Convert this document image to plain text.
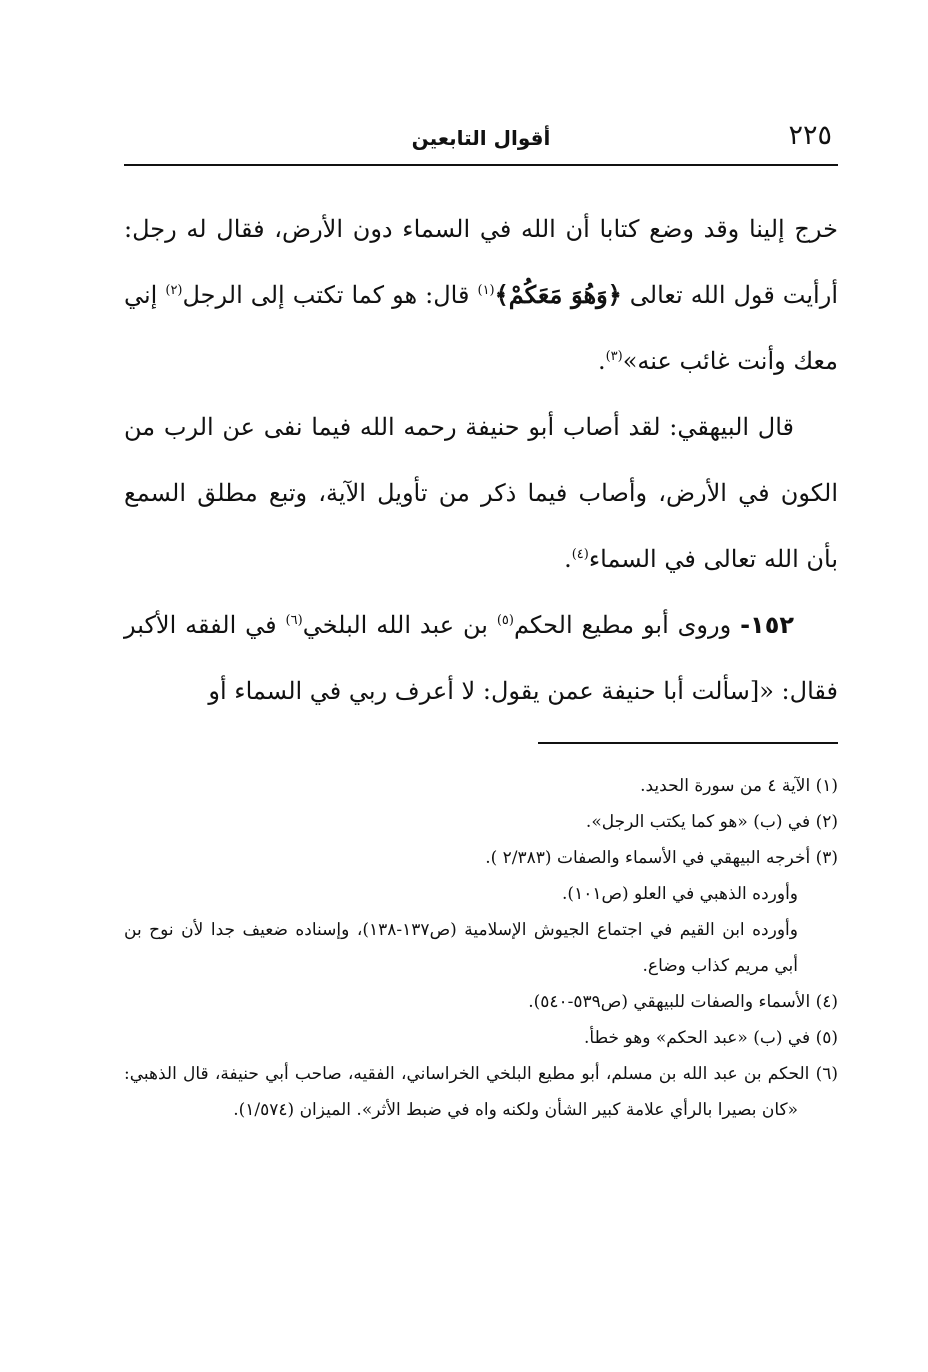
٢٢٥
أقوال التابعين

خرج إلينا وقد وضع كتابا أن الله في السماء دون الأرض، فقال له رجل: أرأيت قول الله تعالى ﴿وَهُوَ مَعَكُمْ﴾$^{(١)}$ قال: هو كما تكتب إلى الرجل$^{(٢)}$ إني معك وأنت غائب عنه»$^{(٣)}$.

قال البيهقي: لقد أصاب أبو حنيفة رحمه الله فيما نفى عن الرب من الكون في الأرض، وأصاب فيما ذكر من تأويل الآية، وتبع مطلق السمع بأن الله تعالى في السماء$^{(٤)}$.

١٥٢- وروى أبو مطيع الحكم$^{(٥)}$ بن عبد الله البلخي$^{(٦)}$ في الفقه الأكبر فقال: «[سألت أبا حنيفة عمن يقول: لا أعرف ربي في السماء أو

(١) الآية ٤ من سورة الحديد.

(٢) في (ب) «هو كما يكتب الرجل».

(٣) أخرجه البيهقي في الأسماء والصفات (٢/٣٨٣ ).

وأورده الذهبي في العلو (ص١٠١).

وأورده ابن القيم في اجتماع الجيوش الإسلامية (ص١٣٧-١٣٨)، وإسناده ضعيف جدا لأن نوح بن أبي مريم كذاب وضاع.

(٤) الأسماء والصفات للبيهقي (ص٥٣٩-٥٤٠).

(٥) في (ب) «عبد الحكم» وهو خطأ.

(٦) الحكم بن عبد الله بن مسلم، أبو مطيع البلخي الخراساني، الفقيه، صاحب أبي حنيفة، قال الذهبي: «كان بصيرا بالرأي علامة كبير الشأن ولكنه واه في ضبط الأثر». الميزان (١/٥٧٤).
